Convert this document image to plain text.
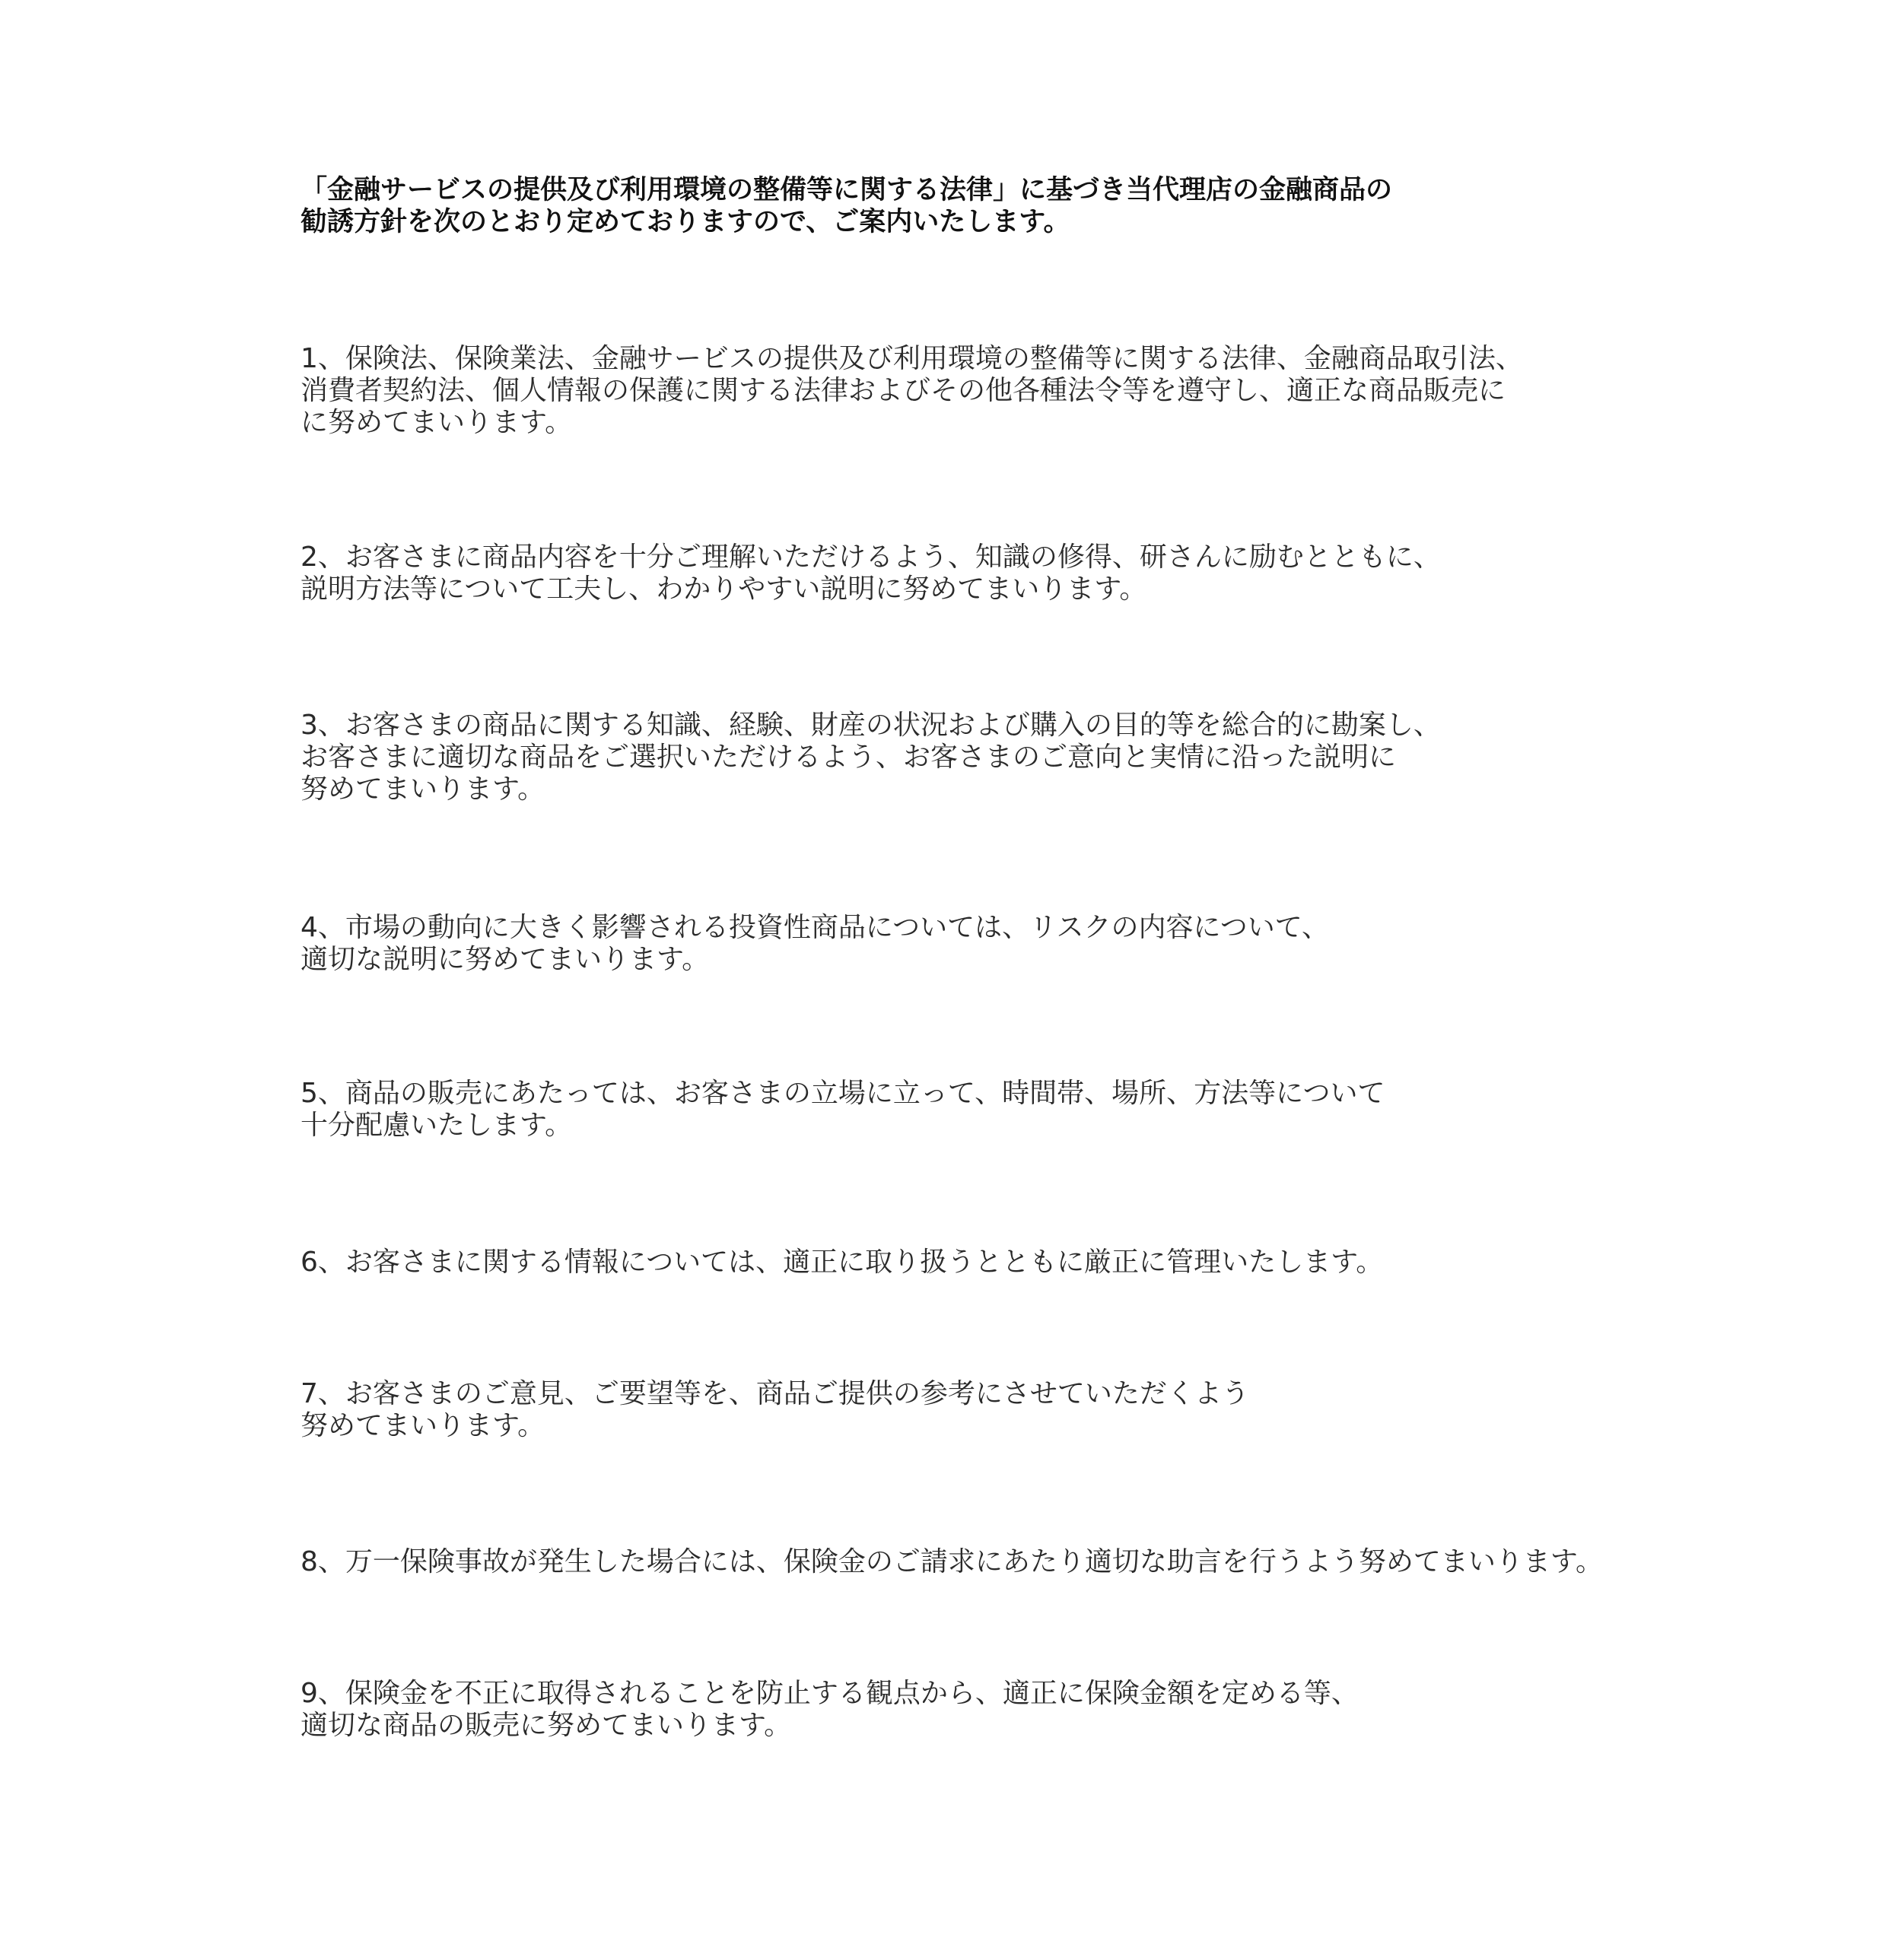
「金融サービスの提供及び利用環境の整備等に関する法律」に基づき当代理店の金融商品の
勧誘方針を次のとおり定めておりますので、ご案内いたします。
1、保険法、保険業法、金融サービスの提供及び利用環境の整備等に関する法律、金融商品取引法、
消費者契約法、個人情報の保護に関する法律およびその他各種法令等を遵守し、適正な商品販売に
に努めてまいります。
2、お客さまに商品内容を十分ご理解いただけるよう、知識の修得、研さんに励むとともに、
説明方法等について工夫し、わかりやすい説明に努めてまいります。
3、お客さまの商品に関する知識、経験、財産の状況および購入の目的等を総合的に勘案し、
お客さまに適切な商品をご選択いただけるよう、お客さまのご意向と実情に沿った説明に
努めてまいります。
4、市場の動向に大きく影響される投資性商品については、リスクの内容について、
適切な説明に努めてまいります。
5、商品の販売にあたっては、お客さまの立場に立って、時間帯、場所、方法等について
十分配慮いたします。
6、お客さまに関する情報については、適正に取り扱うとともに厳正に管理いたします。
7、お客さまのご意見、ご要望等を、商品ご提供の参考にさせていただくよう
努めてまいります。
8、万一保険事故が発生した場合には、保険金のご請求にあたり適切な助言を行うよう努めてまいります。
9、保険金を不正に取得されることを防止する観点から、適正に保険金額を定める等、
適切な商品の販売に努めてまいります。
